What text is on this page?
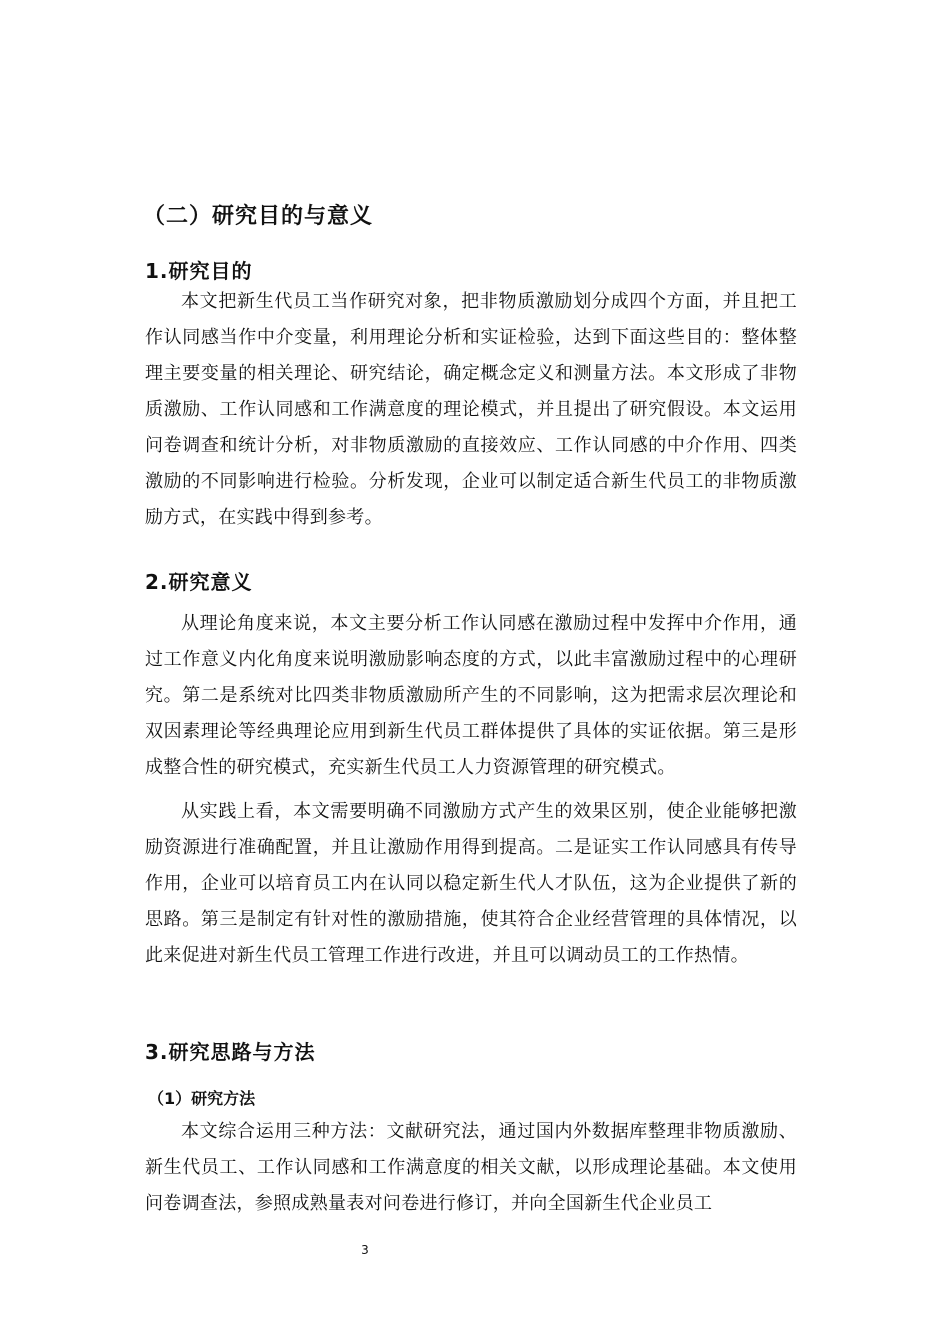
（二）研究目的与意义
1.研究目的

本文把新生代员工当作研究对象，把非物质激励划分成四个方面，并且把工作认同感当作中介变量，利用理论分析和实证检验，达到下面这些目的：整体整理主要变量的相关理论、研究结论，确定概念定义和测量方法。本文形成了非物质激励、工作认同感和工作满意度的理论模式，并且提出了研究假设。本文运用问卷调查和统计分析，对非物质激励的直接效应、工作认同感的中介作用、四类激励的不同影响进行检验。分析发现，企业可以制定适合新生代员工的非物质激励方式，在实践中得到参考。

2.研究意义

从理论角度来说，本文主要分析工作认同感在激励过程中发挥中介作用，通过工作意义内化角度来说明激励影响态度的方式，以此丰富激励过程中的心理研究。第二是系统对比四类非物质激励所产生的不同影响，这为把需求层次理论和双因素理论等经典理论应用到新生代员工群体提供了具体的实证依据。第三是形成整合性的研究模式，充实新生代员工人力资源管理的研究模式。

从实践上看，本文需要明确不同激励方式产生的效果区别，使企业能够把激励资源进行准确配置，并且让激励作用得到提高。二是证实工作认同感具有传导作用，企业可以培育员工内在认同以稳定新生代人才队伍，这为企业提供了新的思路。第三是制定有针对性的激励措施，使其符合企业经营管理的具体情况，以此来促进对新生代员工管理工作进行改进，并且可以调动员工的工作热情。

3.研究思路与方法
（1）研究方法

本文综合运用三种方法：文献研究法，通过国内外数据库整理非物质激励、新生代员工、工作认同感和工作满意度的相关文献，以形成理论基础。本文使用问卷调查法，参照成熟量表对问卷进行修订，并向全国新生代企业员工

3
